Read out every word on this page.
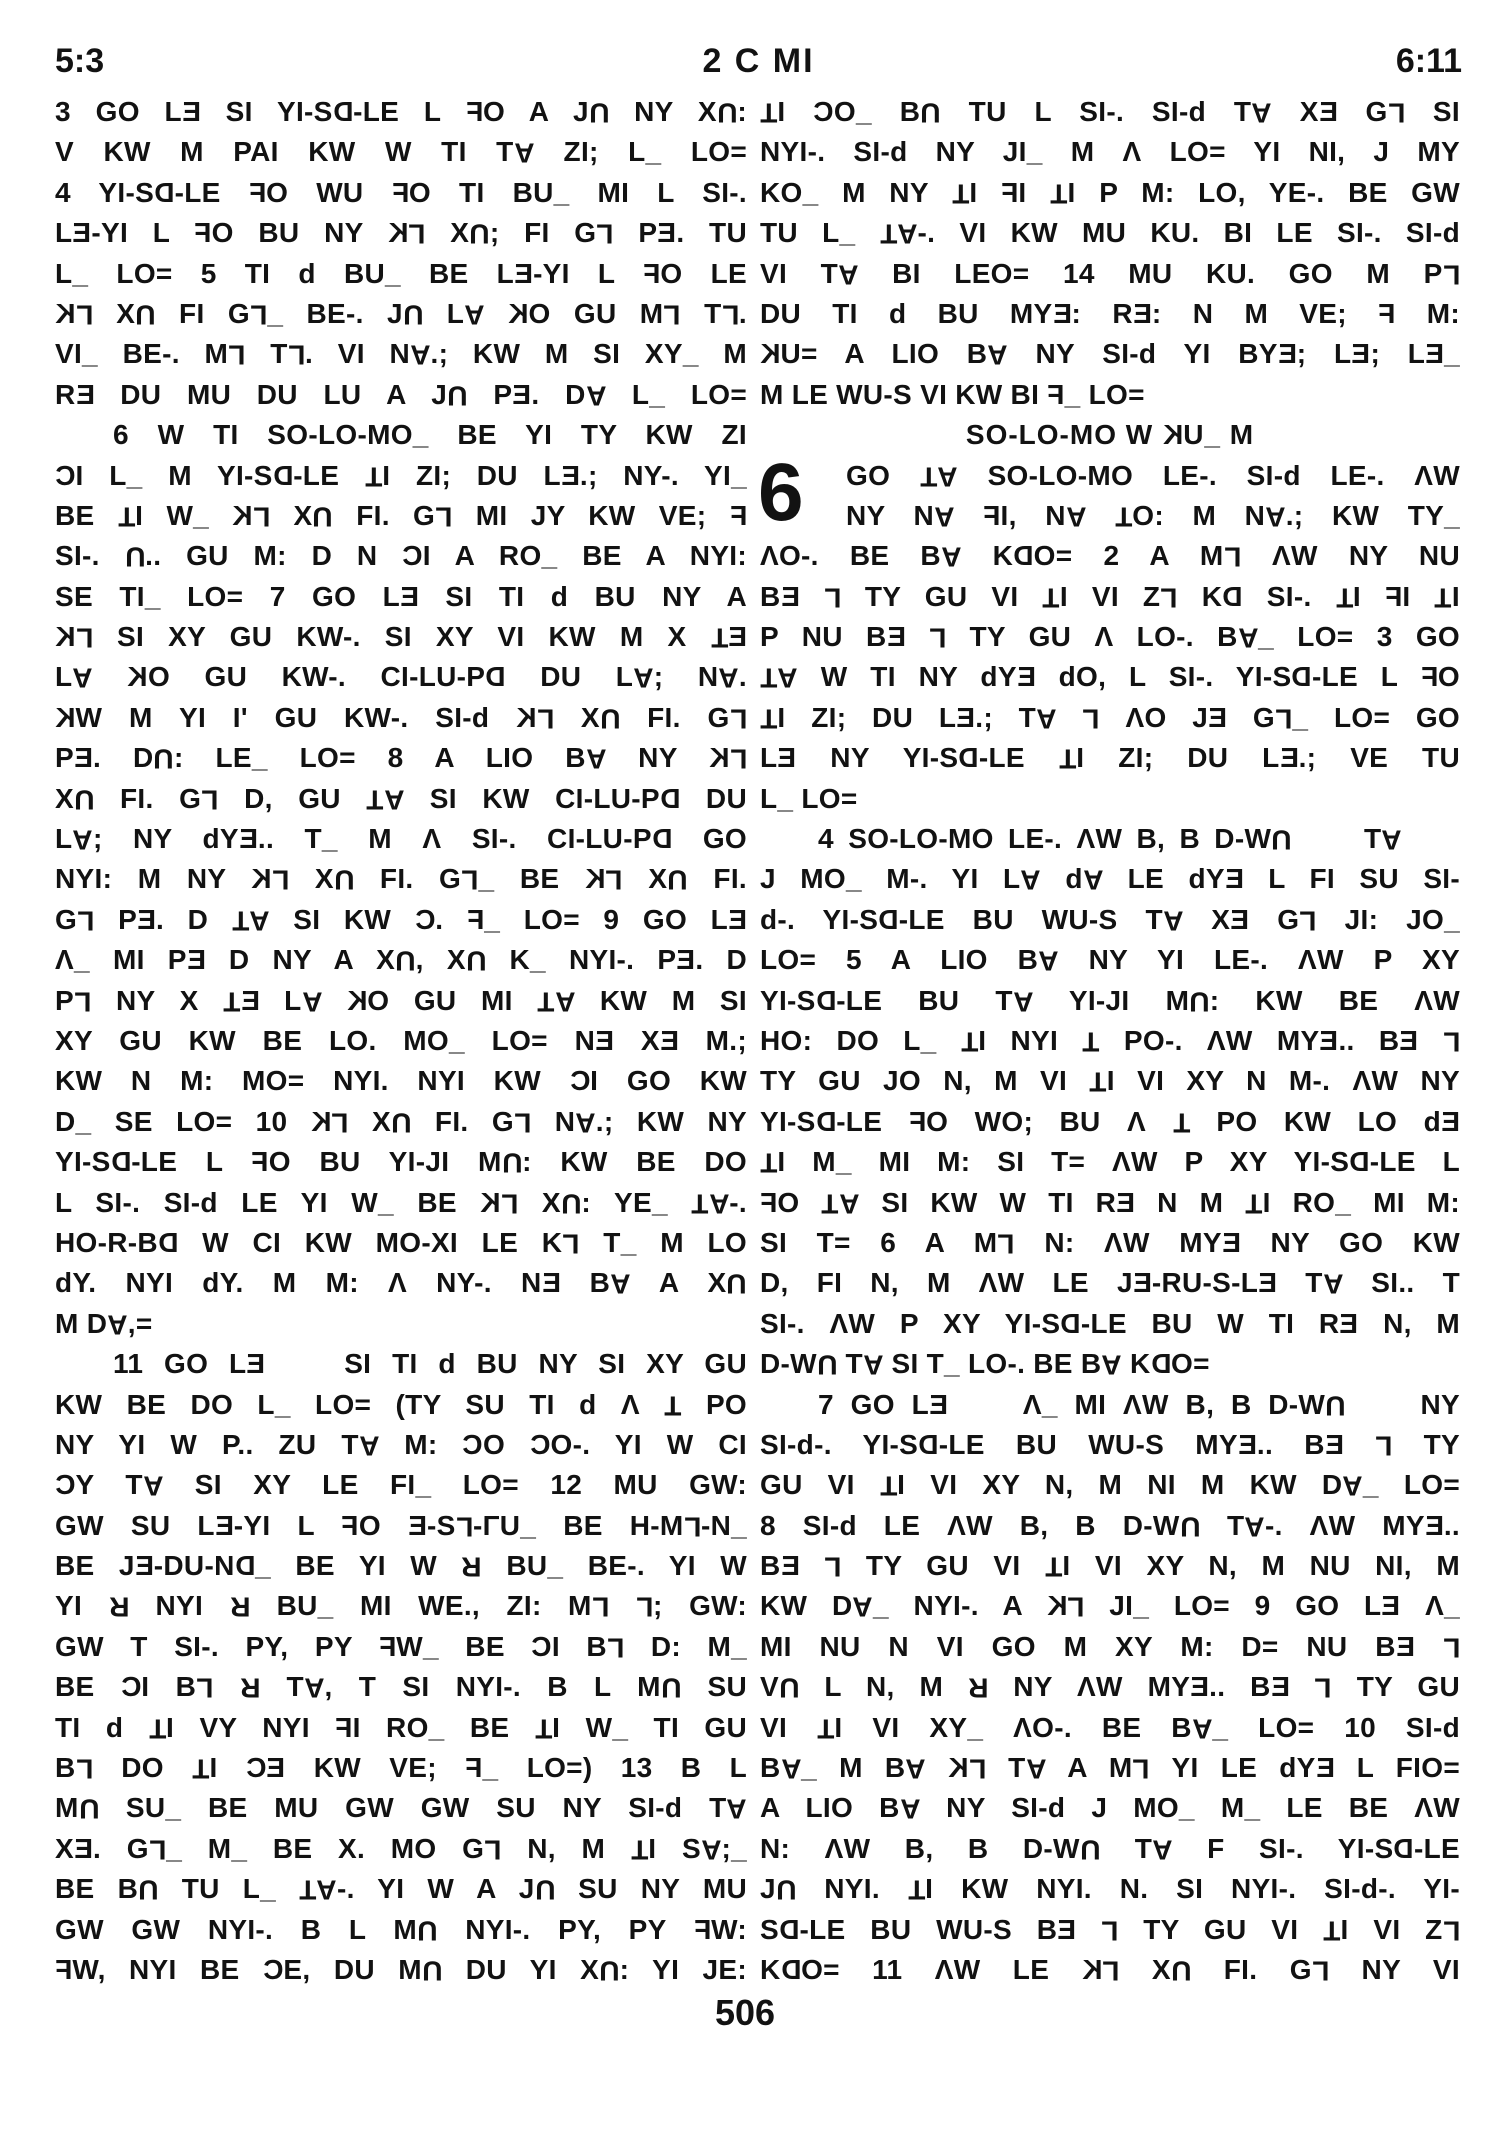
5:3	2 C MI	6:11
3 GO LE SI YI-SD-LE L FO A JU NY XU:
V KW M PAI KW W TI TA ZI; L_ LO=
4 YI-SD-LE FO WU FO TI BU_ MI L SI-.
LE-YI L FO BU NY KL XU; FI GL PE. TU
L_ LO= 5 TI d BU_ BE LE-YI L FO LE
KL XU FI GL_ BE-. JU LA KO GU ML TL.
VI_ BE-. ML TL. VI NA.; KW M SI XY_ M
RE DU MU DU LU A JU PE. DA L_ LO=
6 W TI SO-LO-MO_ BE YI TY KW ZI
CI L_ M YI-SD-LE TI ZI; DU LE.; NY-. YI_
BE TI W_ KL XU FI. GL MI JY KW VE; F
SI-. U.. GU M: D N CI A RO_ BE A NYI:
SE TI_ LO= 7 GO LE SI TI d BU NY A
KL SI XY GU KW-. SI XY VI KW M X TE
LA KO GU KW-. CI-LU-PD DU LA; NA.
KW M YI I' GU KW-. SI-d KL XU FI. GL
PE. DU: LE_ LO= 8 A LIO BA NY KL
XU FI. GL D, GU TA SI KW CI-LU-PD DU
LA; NY dYE.. T_ M Λ SI-. CI-LU-PD GO
NYI: M NY KL XU FI. GL_ BE KL XU FI.
GL PE. D TA SI KW C. F_ LO= 9 GO LE
Λ_ MI PE D NY A XU, XU K_ NYI-. PE. D
PL NY X TE LA KO GU MI TA KW M SI
XY GU KW BE LO. MO_ LO= NE XE M.;
KW N M: MO= NYI. NYI KW CI GO KW
D_ SE LO= 10 KL XU FI. GL NA.; KW NY
YI-SD-LE L FO BU YI-JI MU: KW BE DO
L SI-. SI-d LE YI W_ BE KL XU: YE_ TA-.
HO-R-BD W CI KW MO-XI LE KL T_ M LO
dY. NYI dY. M M: Λ NY-. NE BA A XU
M DA,=
11 GO LE SI TI d BU NY SI XY GU
KW BE DO L_ LO= (TY SU TI d Λ T PO
NY YI W P.. ZU TA M: CO CO-. YI W CI
CY TA SI XY LE FI_ LO= 12 MU GW:
GW SU LE-YI L FO E-SL-ΓU_ BE H-ML-N_
BE JE-DU-ND_ BE YI W R BU_ BE-. YI W
YI R NYI R BU_ MI WE., ZI: ML L; GW:
GW T SI-. PY, PY FW_ BE CI BL D: M_
BE CI BL R TA, T SI NYI-. B L MU SU
TI d TI VY NYI FI RO_ BE TI W_ TI GU
BL DO TI CE KW VE; F_ LO=) 13 B L
MU SU_ BE MU GW GW SU NY SI-d TA
XE. GL_ M_ BE X. MO GL N, M TI SA;_
BE BU TU L_ TA-. YI W A JU SU NY MU
GW GW NYI-. B L MU NYI-. PY, PY FW:
FW, NYI BE CE, DU MU DU YI XU: YI JE:
6
TI CO_ BU TU L SI-. SI-d TA XE GL SI
NYI-. SI-d NY JI_ M Λ LO= YI NI, J MY
KO_ M NY TI FI TI P M: LO, YE-. BE GW
TU L_ TA-. VI KW MU KU. BI LE SI-. SI-d
VI TA BI LEO= 14 MU KU. GO M PL
DU TI d BU MYE: RE: N M VE; F M:
KU= A LIO BA NY SI-d YI BYE; LE; LE_
M LE WU-S VI KW BI F_ LO=
SO-LO-MO W KU_ M
GO TA SO-LO-MO LE-. SI-d LE-. ΛW
NY NA FI, NA TO: M NA.; KW TY_
ΛO-. BE BA KDO= 2 A ML ΛW NY NU
BE L TY GU VI TI VI ZL KD SI-. TI FI TI
P NU BE L TY GU Λ LO-. BA_ LO= 3 GO
TA W TI NY dYE dO, L SI-. YI-SD-LE L FO
TI ZI; DU LE.; TA L ΛO JE GL_ LO= GO
LE NY YI-SD-LE TI ZI; DU LE.; VE TU
L_ LO=
4 SO-LO-MO LE-. ΛW B, B D-WU TA
J MO_ M-. YI LA dA LE dYE L FI SU SI-
d-. YI-SD-LE BU WU-S TA XE GL JI: JO_
LO= 5 A LIO BA NY YI LE-. ΛW P XY
YI-SD-LE BU TA YI-JI MU: KW BE ΛW
HO: DO L_ TI NYI T PO-. ΛW MYE.. BE L
TY GU JO N, M VI TI VI XY N M-. ΛW NY
YI-SD-LE FO WO; BU Λ T PO KW LO dE
TI M_ MI M: SI T= ΛW P XY YI-SD-LE L
FO TA SI KW W TI RE N M TI RO_ MI M:
SI T= 6 A ML N: ΛW MYE NY GO KW
D, FI N, M ΛW LE JE-RU-S-LE TA SI.. T
SI-. ΛW P XY YI-SD-LE BU W TI RE N, M
D-WU TA SI T_ LO-. BE BA KDO=
7 GO LE Λ_ MI ΛW B, B D-WU NY
SI-d-. YI-SD-LE BU WU-S MYE.. BE L TY
GU VI TI VI XY N, M NI M KW DA_ LO=
8 SI-d LE ΛW B, B D-WU TA-. ΛW MYE..
BE L TY GU VI TI VI XY N, M NU NI, M
KW DA_ NYI-. A KL JI_ LO= 9 GO LE Λ_
MI NU N VI GO M XY M: D= NU BE L
VU L N, M R NY ΛW MYE.. BE L TY GU
VI TI VI XY_ ΛO-. BE BA_ LO= 10 SI-d
BA_ M BA KL TA A ML YI LE dYE L FIO=
A LIO BA NY SI-d J MO_ M_ LE BE ΛW
N: ΛW B, B D-WU TA F SI-. YI-SD-LE
JU NYI. TI KW NYI. N. SI NYI-. SI-d-. YI-
SD-LE BU WU-S BE L TY GU VI TI VI ZL
KDO= 11 ΛW LE KL XU FI. GL NY VI
506
